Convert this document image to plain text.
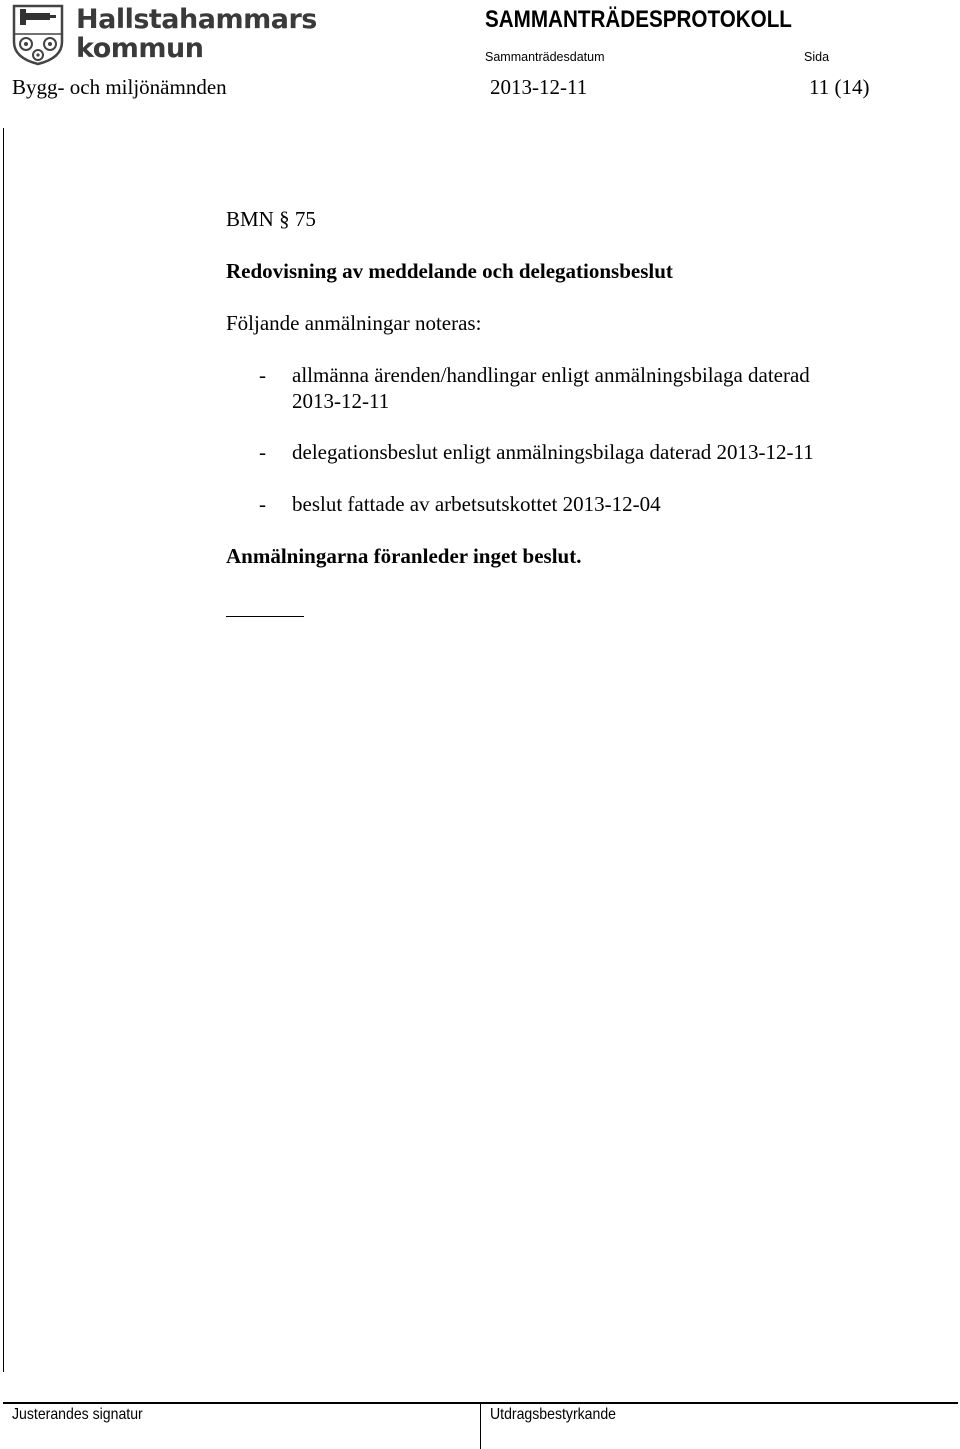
Hallstahammars
kommun
SAMMANTRÄDESPROTOKOLL
Sammanträdesdatum	Sida
Bygg- och miljönämnden	2013-12-11	11 (14)
BMN § 75
Redovisning av meddelande och delegationsbeslut
Följande anmälningar noteras:
- allmänna ärenden/handlingar enligt anmälningsbilaga daterad
2013-12-11
- delegationsbeslut enligt anmälningsbilaga daterad 2013-12-11
- beslut fattade av arbetsutskottet 2013-12-04
Anmälningarna föranleder inget beslut.
Justerandes signatur	Utdragsbestyrkande
